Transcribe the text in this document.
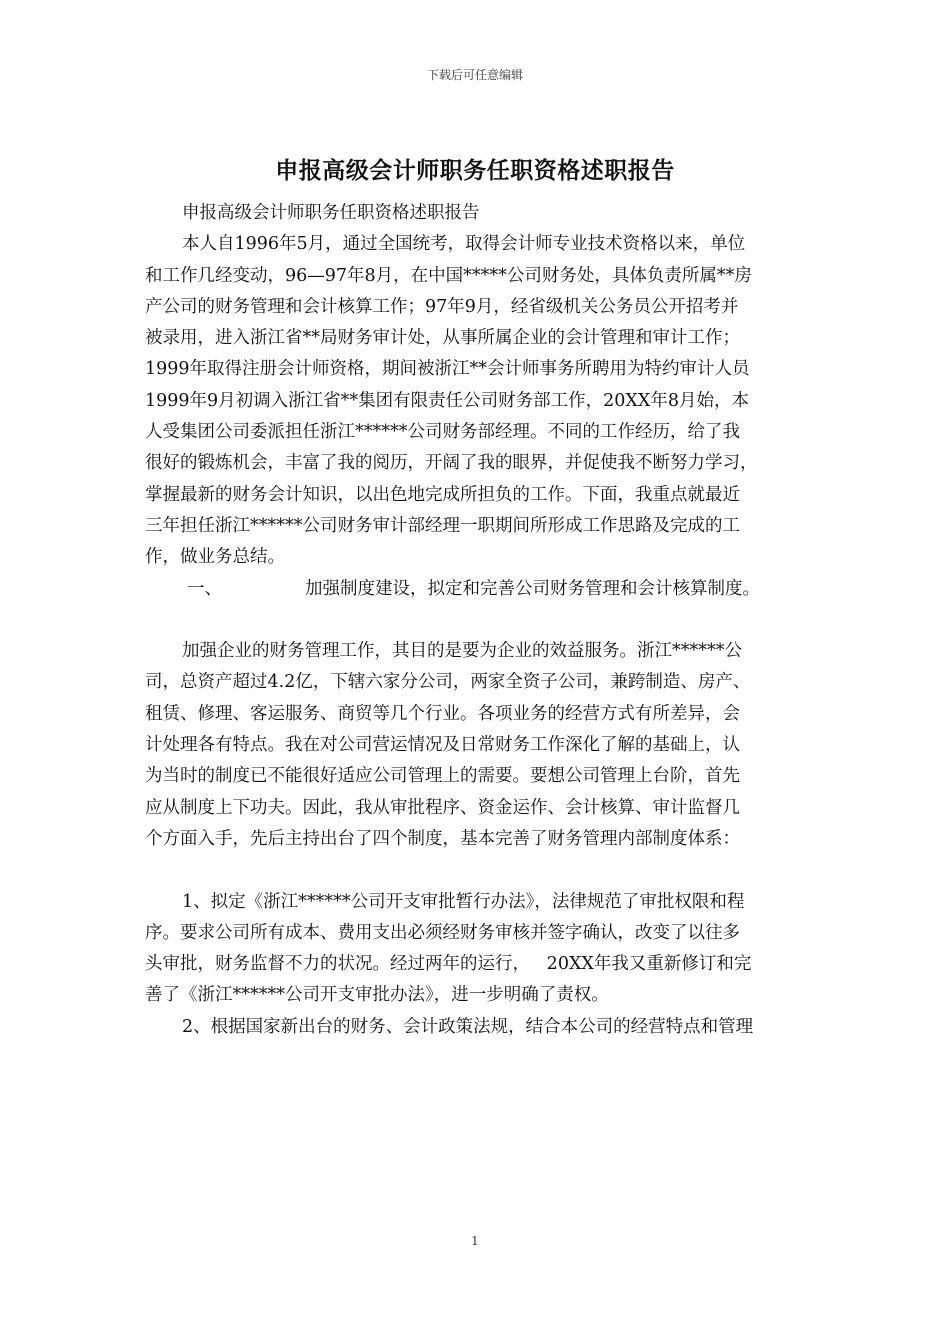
下载后可任意编辑
申报高级会计师职务任职资格述职报告
申报高级会计师职务任职资格述职报告
本人自1996年5月，通过全国统考，取得会计师专业技术资格以来，单位
和工作几经变动，96—97年8月，在中国*****公司财务处，具体负责所属**房
产公司的财务管理和会计核算工作；97年9月，经省级机关公务员公开招考并
被录用，进入浙江省**局财务审计处，从事所属企业的会计管理和审计工作；
1999年取得注册会计师资格，期间被浙江**会计师事务所聘用为特约审计人员
1999年9月初调入浙江省**集团有限责任公司财务部工作，20XX年8月始，本
人受集团公司委派担任浙江******公司财务部经理。不同的工作经历，给了我
很好的锻炼机会，丰富了我的阅历，开阔了我的眼界，并促使我不断努力学习，
掌握最新的财务会计知识，以出色地完成所担负的工作。下面，我重点就最近
三年担任浙江******公司财务审计部经理一职期间所形成工作思路及完成的工
作，做业务总结。
一、	加强制度建设，拟定和完善公司财务管理和会计核算制度。
加强企业的财务管理工作，其目的是要为企业的效益服务。浙江******公
司，总资产超过4.2亿，下辖六家分公司，两家全资子公司，兼跨制造、房产、
租赁、修理、客运服务、商贸等几个行业。各项业务的经营方式有所差异，会
计处理各有特点。我在对公司营运情况及日常财务工作深化了解的基础上，认
为当时的制度已不能很好适应公司管理上的需要。要想公司管理上台阶，首先
应从制度上下功夫。因此，我从审批程序、资金运作、会计核算、审计监督几
个方面入手，先后主持出台了四个制度，基本完善了财务管理内部制度体系：
1、拟定《浙江******公司开支审批暂行办法》，法律规范了审批权限和程
序。要求公司所有成本、费用支出必须经财务审核并签字确认，改变了以往多
头审批，财务监督不力的状况。经过两年的运行，   20XX年我又重新修订和完
善了《浙江******公司开支审批办法》，进一步明确了责权。
2、根据国家新出台的财务、会计政策法规，结合本公司的经营特点和管理
1
